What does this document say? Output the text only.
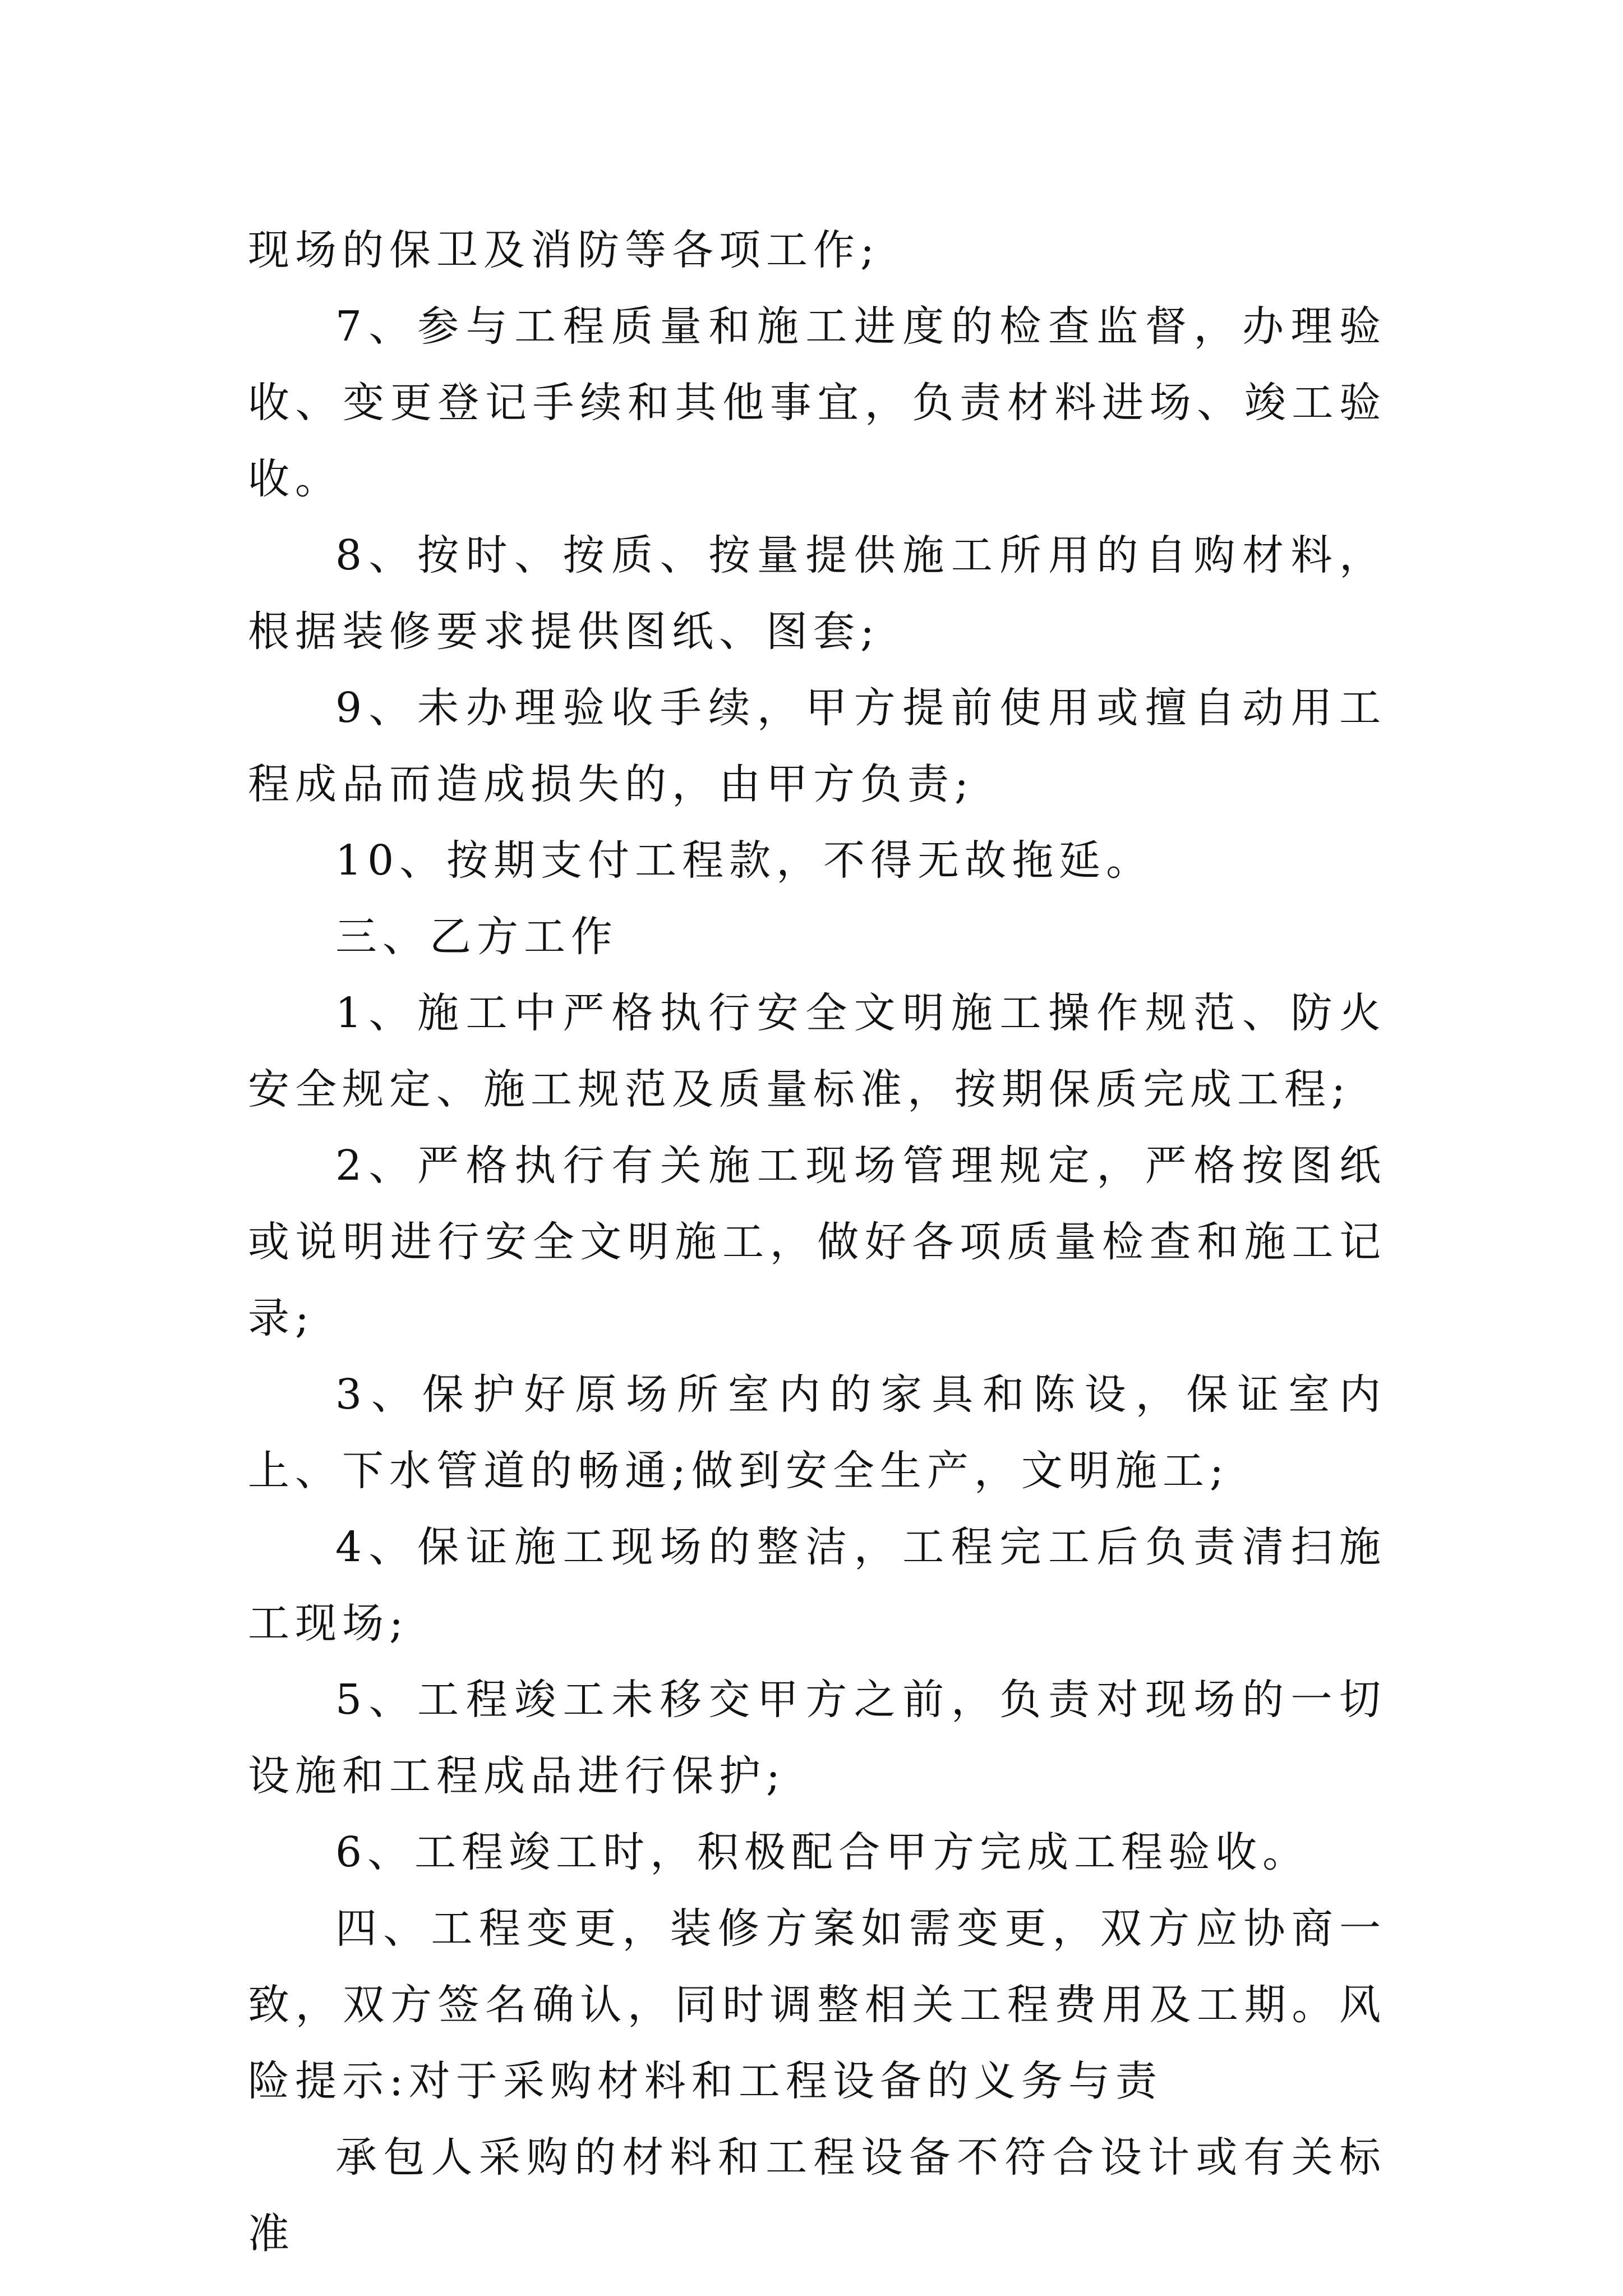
现场的保卫及消防等各项工作;

7、参与工程质量和施工进度的检查监督，办理验收、变更登记手续和其他事宜，负责材料进场、竣工验收。

8、按时、按质、按量提供施工所用的自购材料，根据装修要求提供图纸、图套;

9、未办理验收手续，甲方提前使用或擅自动用工程成品而造成损失的，由甲方负责;

10、按期支付工程款，不得无故拖延。

三、乙方工作

1、施工中严格执行安全文明施工操作规范、防火安全规定、施工规范及质量标准，按期保质完成工程;

2、严格执行有关施工现场管理规定，严格按图纸或说明进行安全文明施工，做好各项质量检查和施工记录;

3、保护好原场所室内的家具和陈设，保证室内上、下水管道的畅通;做到安全生产，文明施工;

4、保证施工现场的整洁，工程完工后负责清扫施工现场;

5、工程竣工未移交甲方之前，负责对现场的一切设施和工程成品进行保护;

6、工程竣工时，积极配合甲方完成工程验收。

四、工程变更，装修方案如需变更，双方应协商一致，双方签名确认，同时调整相关工程费用及工期。风险提示:对于采购材料和工程设备的义务与责

承包人采购的材料和工程设备不符合设计或有关标准
